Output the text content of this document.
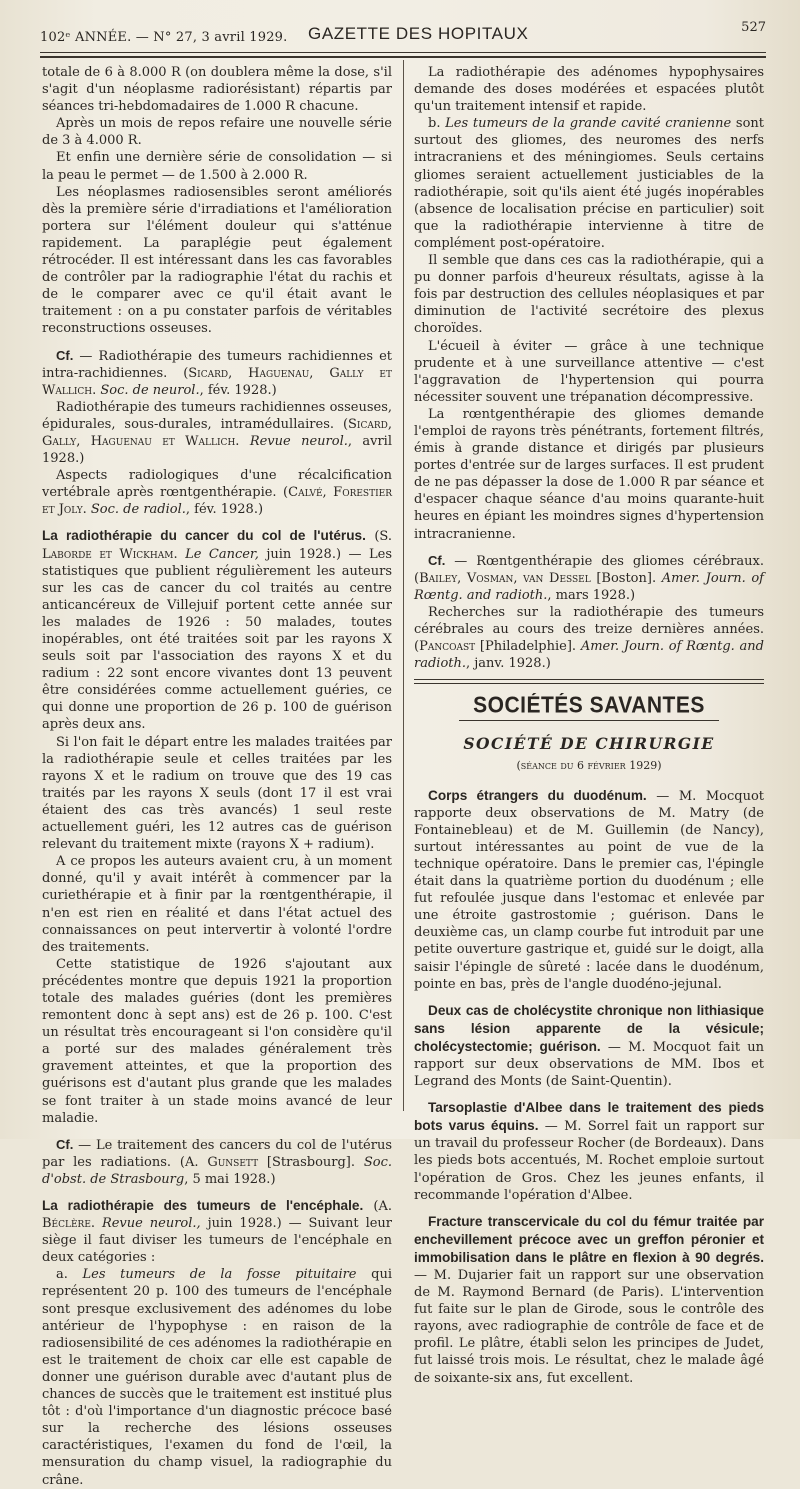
102ᵉ ANNÉE. — N° 27, 3 avril 1929. GAZETTE DES HOPITAUX	527

totale de 6 à 8.000 R (on doublera même la dose, s'il s'agit d'un néoplasme radiorésistant) répartis par séances tri-hebdomadaires de 1.000 R chacune.

Après un mois de repos refaire une nouvelle série de 3 à 4.000 R.

Et enfin une dernière série de consolidation — si la peau le permet — de 1.500 à 2.000 R.

Les néoplasmes radiosensibles seront améliorés dès la première série d'irradiations et l'amélioration portera sur l'élément douleur qui s'atténue rapidement. La paraplégie peut également rétrocéder. Il est intéressant dans les cas favorables de contrôler par la radiographie l'état du rachis et de le comparer avec ce qu'il était avant le traitement : on a pu constater parfois de véritables reconstructions osseuses.

Cf. — Radiothérapie des tumeurs rachidiennes et intra-rachidiennes. (Sicard, Haguenau, Gally et Wallich. Soc. de neurol., fév. 1928.)

Radiothérapie des tumeurs rachidiennes osseuses, épidurales, sous-durales, intramédullaires. (Sicard, Gally, Haguenau et Wallich. Revue neurol., avril 1928.)

Aspects radiologiques d'une récalcification vertébrale après rœntgenthérapie. (Calvé, Forestier et Joly. Soc. de radiol., fév. 1928.)

La radiothérapie du cancer du col de l'utérus. (S. Laborde et Wickham. Le Cancer, juin 1928.) — Les statistiques que publient régulièrement les auteurs sur les cas de cancer du col traités au centre anticancéreux de Villejuif portent cette année sur les malades de 1926 : 50 malades, toutes inopérables, ont été traitées soit par les rayons X seuls soit par l'association des rayons X et du radium : 22 sont encore vivantes dont 13 peuvent être considérées comme actuellement guéries, ce qui donne une proportion de 26 p. 100 de guérison après deux ans.

Si l'on fait le départ entre les malades traitées par la radiothérapie seule et celles traitées par les rayons X et le radium on trouve que des 19 cas traités par les rayons X seuls (dont 17 il est vrai étaient des cas très avancés) 1 seul reste actuellement guéri, les 12 autres cas de guérison relevant du traitement mixte (rayons X + radium).

A ce propos les auteurs avaient cru, à un moment donné, qu'il y avait intérêt à commencer par la curiethérapie et à finir par la rœntgenthérapie, il n'en est rien en réalité et dans l'état actuel des connaissances on peut intervertir à volonté l'ordre des traitements.

Cette statistique de 1926 s'ajoutant aux précédentes montre que depuis 1921 la proportion totale des malades guéries (dont les premières remontent donc à sept ans) est de 26 p. 100. C'est un résultat très encourageant si l'on considère qu'il a porté sur des malades généralement très gravement atteintes, et que la proportion des guérisons est d'autant plus grande que les malades se font traiter à un stade moins avancé de leur maladie.

Cf. — Le traitement des cancers du col de l'utérus par les radiations. (A. Gunsett [Strasbourg]. Soc. d'obst. de Strasbourg, 5 mai 1928.)

La radiothérapie des tumeurs de l'encéphale. (A. Béclère. Revue neurol., juin 1928.) — Suivant leur siège il faut diviser les tumeurs de l'encéphale en deux catégories :

a. Les tumeurs de la fosse pituitaire qui représentent 20 p. 100 des tumeurs de l'encéphale sont presque exclusivement des adénomes du lobe antérieur de l'hypophyse : en raison de la radiosensibilité de ces adénomes la radiothérapie en est le traitement de choix car elle est capable de donner une guérison durable avec d'autant plus de chances de succès que le traitement est institué plus tôt : d'où l'importance d'un diagnostic précoce basé sur la recherche des lésions osseuses caractéristiques, l'examen du fond de l'œil, la mensuration du champ visuel, la radiographie du crâne.

La radiothérapie des adénomes hypophysaires demande des doses modérées et espacées plutôt qu'un traitement intensif et rapide.

b. Les tumeurs de la grande cavité cranienne sont surtout des gliomes, des neuromes des nerfs intracraniens et des méningiomes. Seuls certains gliomes seraient actuellement justiciables de la radiothérapie, soit qu'ils aient été jugés inopérables (absence de localisation précise en particulier) soit que la radiothérapie intervienne à titre de complément post-opératoire.

Il semble que dans ces cas la radiothérapie, qui a pu donner parfois d'heureux résultats, agisse à la fois par destruction des cellules néoplasiques et par diminution de l'activité secrétoire des plexus choroïdes.

L'écueil à éviter — grâce à une technique prudente et à une surveillance attentive — c'est l'aggravation de l'hypertension qui pourra nécessiter souvent une trépanation décompressive.

La rœntgenthérapie des gliomes demande l'emploi de rayons très pénétrants, fortement filtrés, émis à grande distance et dirigés par plusieurs portes d'entrée sur de larges surfaces. Il est prudent de ne pas dépasser la dose de 1.000 R par séance et d'espacer chaque séance d'au moins quarante-huit heures en épiant les moindres signes d'hypertension intracranienne.

Cf. — Rœntgenthérapie des gliomes cérébraux. (Bailey, Vosman, van Dessel [Boston]. Amer. Journ. of Rœntg. and radioth., mars 1928.)

Recherches sur la radiothérapie des tumeurs cérébrales au cours des treize dernières années. (Pancoast [Philadelphie]. Amer. Journ. of Rœntg. and radioth., janv. 1928.)

SOCIÉTÉS SAVANTES
SOCIÉTÉ DE CHIRURGIE
(séance du 6 février 1929)

Corps étrangers du duodénum. — M. Mocquot rapporte deux observations de M. Matry (de Fontainebleau) et de M. Guillemin (de Nancy), surtout intéressantes au point de vue de la technique opératoire. Dans le premier cas, l'épingle était dans la quatrième portion du duodénum ; elle fut refoulée jusque dans l'estomac et enlevée par une étroite gastrostomie ; guérison. Dans le deuxième cas, un clamp courbe fut introduit par une petite ouverture gastrique et, guidé sur le doigt, alla saisir l'épingle de sûreté : lacée dans le duodénum, pointe en bas, près de l'angle duodéno-jejunal.

Deux cas de cholécystite chronique non lithiasique sans lésion apparente de la vésicule; cholécystectomie; guérison. — M. Mocquot fait un rapport sur deux observations de MM. Ibos et Legrand des Monts (de Saint-Quentin).

Tarsoplastie d'Albee dans le traitement des pieds bots varus équins. — M. Sorrel fait un rapport sur un travail du professeur Rocher (de Bordeaux). Dans les pieds bots accentués, M. Rochet emploie surtout l'opération de Gros. Chez les jeunes enfants, il recommande l'opération d'Albee.

Fracture transcervicale du col du fémur traitée par enchevillement précoce avec un greffon péronier et immobilisation dans le plâtre en flexion à 90 degrés. — M. Dujarier fait un rapport sur une observation de M. Raymond Bernard (de Paris). L'intervention fut faite sur le plan de Girode, sous le contrôle des rayons, avec radiographie de contrôle de face et de profil. Le plâtre, établi selon les principes de Judet, fut laissé trois mois. Le résultat, chez le malade âgé de soixante-six ans, fut excellent.
